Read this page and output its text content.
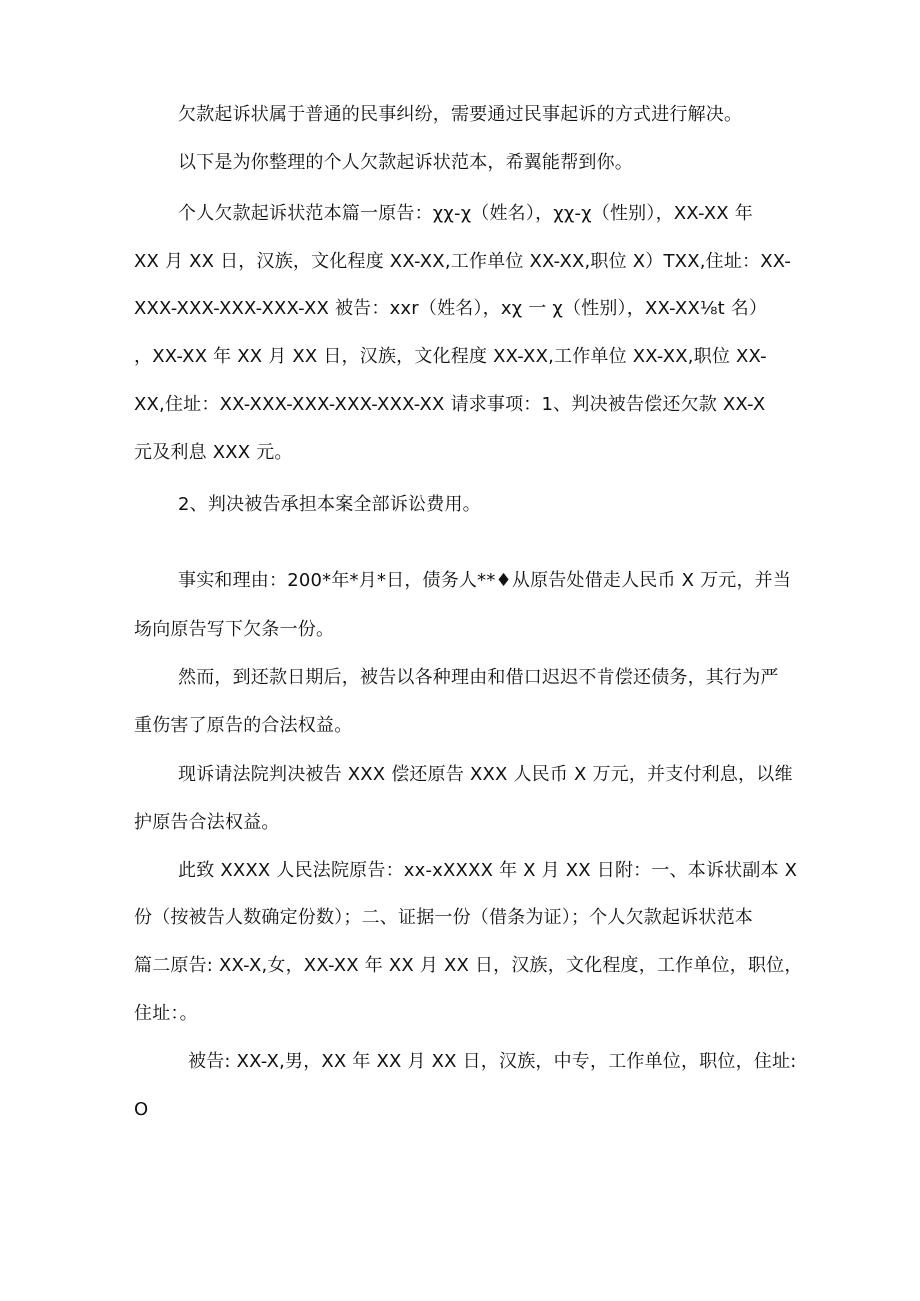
欠款起诉状属于普通的民事纠纷，需要通过民事起诉的方式进行解决。
以下是为你整理的个人欠款起诉状范本，希翼能帮到你。
个人欠款起诉状范本篇一原告：χχ-χ（姓名），χχ-χ（性别），XX-XX 年
XX 月 XX 日，汉族，文化程度 XX-XX,工作单位 XX-XX,职位 X）TXX,住址：XX-
XXX-XXX-XXX-XXX-XX 被告：xxr（姓名），xχ 一 χ（性别），XX-XX⅛t 名）
，XX-XX 年 XX 月 XX 日，汉族，文化程度 XX-XX,工作单位 XX-XX,职位 XX-
XX,住址：XX-XXX-XXX-XXX-XXX-XX 请求事项：1、判决被告偿还欠款 XX-X
元及利息 XXX 元。
2、判决被告承担本案全部诉讼费用。
事实和理由：200*年*月*日，债务人**♦从原告处借走人民币 X 万元，并当
场向原告写下欠条一份。
然而，到还款日期后，被告以各种理由和借口迟迟不肯偿还债务，其行为严
重伤害了原告的合法权益。
现诉请法院判决被告 XXX 偿还原告 XXX 人民币 X 万元，并支付利息，以维
护原告合法权益。
此致 XXXX 人民法院原告：xx-xXXXX 年 X 月 XX 日附：一、本诉状副本 X
份（按被告人数确定份数）；二、证据一份（借条为证）；个人欠款起诉状范本
篇二原告: XX-X,女，XX-XX 年 XX 月 XX 日，汉族，文化程度，工作单位，职位，
住址：。
被告: XX-X,男，XX 年 XX 月 XX 日，汉族，中专，工作单位，职位，住址:
O
